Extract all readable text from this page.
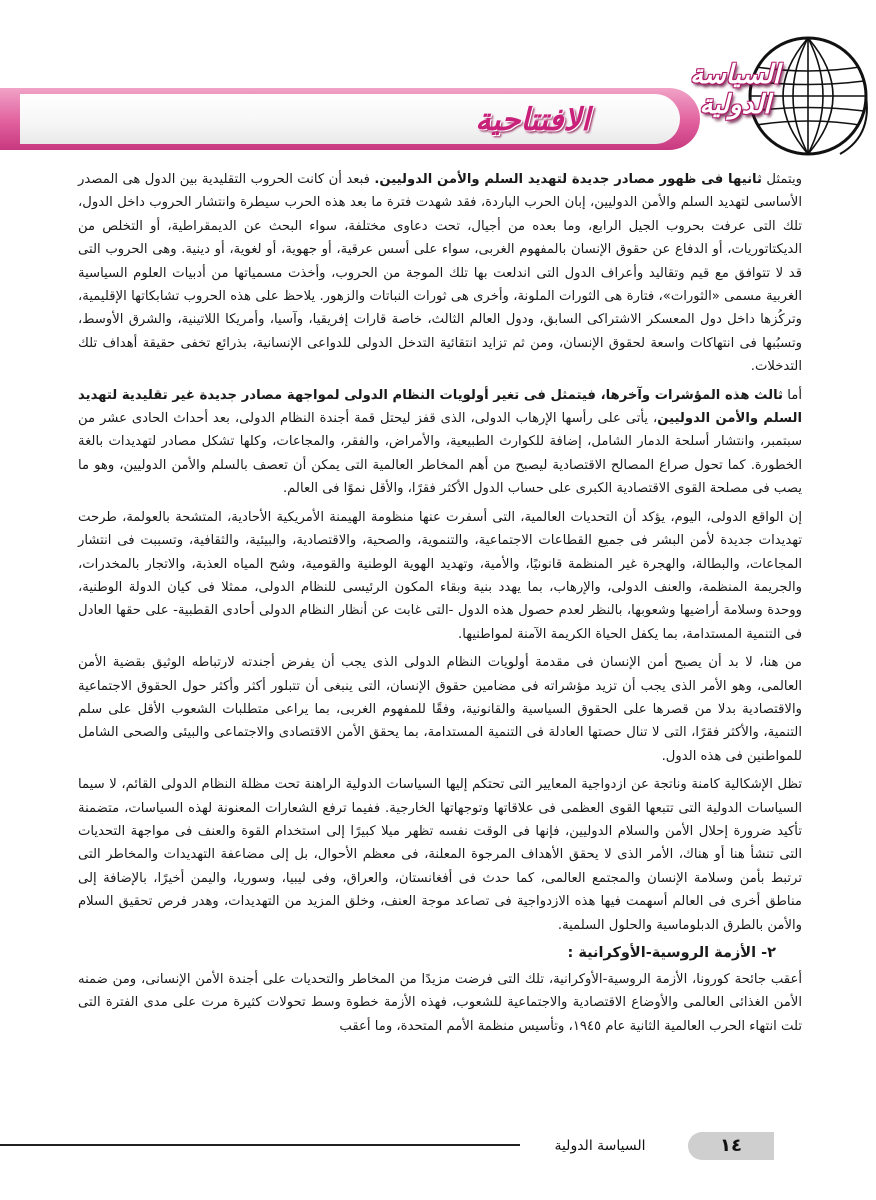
الافتتاحية
السياسة
الدولية

ويتمثل ثانيها فى ظهور مصادر جديدة لتهديد السلم والأمن الدوليين. فبعد أن كانت الحروب التقليدية بين الدول هى المصدر الأساسى لتهديد السلم والأمن الدوليين، إبان الحرب الباردة، فقد شهدت فترة ما بعد هذه الحرب سيطرة وانتشار الحروب داخل الدول، تلك التى عرفت بحروب الجيل الرابع، وما بعده من أجيال، تحت دعاوى مختلفة، سواء البحث عن الديمقراطية، أو التخلص من الديكتاتوريات، أو الدفاع عن حقوق الإنسان بالمفهوم الغربى، سواء على أسس عرقية، أو جهوية، أو لغوية، أو دينية. وهى الحروب التى قد لا تتوافق مع قيم وتقاليد وأعراف الدول التى اندلعت بها تلك الموجة من الحروب، وأخذت مسمياتها من أدبيات العلوم السياسية الغربية مسمى «الثورات»، فتارة هى الثورات الملونة، وأخرى هى ثورات النباتات والزهور. يلاحظ على هذه الحروب تشابكاتها الإقليمية، وتركُزها داخل دول المعسكر الاشتراكى السابق، ودول العالم الثالث، خاصة قارات إفريقيا، وآسيا، وأمريكا اللاتينية، والشرق الأوسط، وتسبُبها فى انتهاكات واسعة لحقوق الإنسان، ومن ثم تزايد انتقائية التدخل الدولى للدواعى الإنسانية، بذرائع تخفى حقيقة أهداف تلك التدخلات.

أما ثالث هذه المؤشرات وآخرها، فيتمثل فى تغير أولويات النظام الدولى لمواجهة مصادر جديدة غير تقليدية لتهديد السلم والأمن الدوليين، يأتى على رأسها الإرهاب الدولى، الذى قفز ليحتل قمة أجندة النظام الدولى، بعد أحداث الحادى عشر من سبتمبر، وانتشار أسلحة الدمار الشامل، إضافة للكوارث الطبيعية، والأمراض، والفقر، والمجاعات، وكلها تشكل مصادر لتهديدات بالغة الخطورة. كما تحول صراع المصالح الاقتصادية ليصبح من أهم المخاطر العالمية التى يمكن أن تعصف بالسلم والأمن الدوليين، وهو ما يصب فى مصلحة القوى الاقتصادية الكبرى على حساب الدول الأكثر فقرًا، والأقل نموًا فى العالم.

إن الواقع الدولى، اليوم، يؤكد أن التحديات العالمية، التى أسفرت عنها منظومة الهيمنة الأمريكية الأحادية، المتشحة بالعولمة، طرحت تهديدات جديدة لأمن البشر فى جميع القطاعات الاجتماعية، والتنموية، والصحية، والاقتصادية، والبيئية، والثقافية، وتسببت فى انتشار المجاعات، والبطالة، والهجرة غير المنظمة قانونيًا، والأمية، وتهديد الهوية الوطنية والقومية، وشح المياه العذبة، والاتجار بالمخدرات، والجريمة المنظمة، والعنف الدولى، والإرهاب، بما يهدد بنية وبقاء المكون الرئيسى للنظام الدولى، ممثلا فى كيان الدولة الوطنية، ووحدة وسلامة أراضيها وشعوبها، بالنظر لعدم حصول هذه الدول -التى غابت عن أنظار النظام الدولى أحادى القطبية- على حقها العادل فى التنمية المستدامة، بما يكفل الحياة الكريمة الآمنة لمواطنيها.

من هنا، لا بد أن يصبح أمن الإنسان فى مقدمة أولويات النظام الدولى الذى يجب أن يفرض أجندته لارتباطه الوثيق بقضية الأمن العالمى، وهو الأمر الذى يجب أن تزيد مؤشراته فى مضامين حقوق الإنسان، التى ينبغى أن تتبلور أكثر وأكثر حول الحقوق الاجتماعية والاقتصادية بدلا من قصرها على الحقوق السياسية والقانونية، وفقًا للمفهوم الغربى، بما يراعى متطلبات الشعوب الأقل على سلم التنمية، والأكثر فقرًا، التى لا تنال حصتها العادلة فى التنمية المستدامة، بما يحقق الأمن الاقتصادى والاجتماعى والبيئى والصحى الشامل للمواطنين فى هذه الدول.

تظل الإشكالية كامنة وناتجة عن ازدواجية المعايير التى تحتكم إليها السياسات الدولية الراهنة تحت مظلة النظام الدولى القائم، لا سيما السياسات الدولية التى تتبعها القوى العظمى فى علاقاتها وتوجهاتها الخارجية. ففيما ترفع الشعارات المعنونة لهذه السياسات، متضمنة تأكيد ضرورة إحلال الأمن والسلام الدوليين، فإنها فى الوقت نفسه تظهر ميلا كبيرًا إلى استخدام القوة والعنف فى مواجهة التحديات التى تنشأ هنا أو هناك، الأمر الذى لا يحقق الأهداف المرجوة المعلنة، فى معظم الأحوال، بل إلى مضاعفة التهديدات والمخاطر التى ترتبط بأمن وسلامة الإنسان والمجتمع العالمى، كما حدث فى أفغانستان، والعراق، وفى ليبيا، وسوريا، واليمن أخيرًا، بالإضافة إلى مناطق أخرى فى العالم أسهمت فيها هذه الازدواجية فى تصاعد موجة العنف، وخلق المزيد من التهديدات، وهدر فرص تحقيق السلام والأمن بالطرق الدبلوماسية والحلول السلمية.

٢- الأزمة الروسية-الأوكرانية :

أعقب جائحة كورونا، الأزمة الروسية-الأوكرانية، تلك التى فرضت مزيدًا من المخاطر والتحديات على أجندة الأمن الإنسانى، ومن ضمنه الأمن الغذائى العالمى والأوضاع الاقتصادية والاجتماعية للشعوب، فهذه الأزمة خطوة وسط تحولات كثيرة مرت على مدى الفترة التى تلت انتهاء الحرب العالمية الثانية عام ١٩٤٥، وتأسيس منظمة الأمم المتحدة، وما أعقب

السياسة الدولية	١٤
